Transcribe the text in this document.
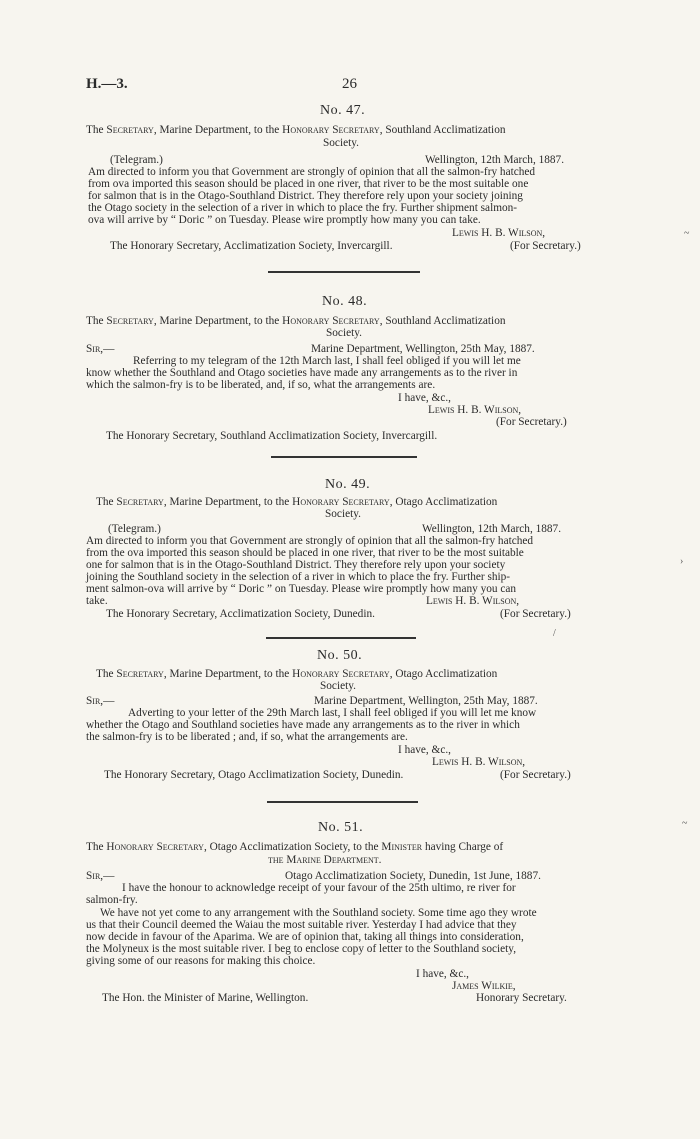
H.—3.	26
No. 47.
The Secretary, Marine Department, to the Honorary Secretary, Southland Acclimatization
Society.
(Telegram.)	Wellington, 12th March, 1887.
Am directed to inform you that Government are strongly of opinion that all the salmon-fry hatched
from ova imported this season should be placed in one river, that river to be the most suitable one
for salmon that is in the Otago-Southland District. They therefore rely upon your society joining
the Otago society in the selection of a river in which to place the fry. Further shipment salmon-
ova will arrive by “ Doric ” on Tuesday. Please wire promptly how many you can take.
Lewis H. B. Wilson,
The Honorary Secretary, Acclimatization Society, Invercargill.	(For Secretary.)
~
No. 48.
The Secretary, Marine Department, to the Honorary Secretary, Southland Acclimatization
Society.
Sir,—	Marine Department, Wellington, 25th May, 1887.
Referring to my telegram of the 12th March last, I shall feel obliged if you will let me
know whether the Southland and Otago societies have made any arrangements as to the river in
which the salmon-fry is to be liberated, and, if so, what the arrangements are.
I have, &c.,
Lewis H. B. Wilson,
(For Secretary.)
The Honorary Secretary, Southland Acclimatization Society, Invercargill.
No. 49.
The Secretary, Marine Department, to the Honorary Secretary, Otago Acclimatization
Society.
(Telegram.)	Wellington, 12th March, 1887.
Am directed to inform you that Government are strongly of opinion that all the salmon-fry hatched
from the ova imported this season should be placed in one river, that river to be the most suitable
one for salmon that is in the Otago-Southland District. They therefore rely upon your society
joining the Southland society in the selection of a river in which to place the fry. Further ship-
ment salmon-ova will arrive by “ Doric ” on Tuesday. Please wire promptly how many you can
take.	Lewis H. B. Wilson,
The Honorary Secretary, Acclimatization Society, Dunedin.	(For Secretary.)
›
/
No. 50.
The Secretary, Marine Department, to the Honorary Secretary, Otago Acclimatization
Society.
Sir,—	Marine Department, Wellington, 25th May, 1887.
Adverting to your letter of the 29th March last, I shall feel obliged if you will let me know
whether the Otago and Southland societies have made any arrangements as to the river in which
the salmon-fry is to be liberated ; and, if so, what the arrangements are.
I have, &c.,
Lewis H. B. Wilson,
The Honorary Secretary, Otago Acclimatization Society, Dunedin.	(For Secretary.)
No. 51.
The Honorary Secretary, Otago Acclimatization Society, to the Minister having Charge of
the Marine Department.
Sir,—	Otago Acclimatization Society, Dunedin, 1st June, 1887.
I have the honour to acknowledge receipt of your favour of the 25th ultimo, re river for
salmon-fry.
We have not yet come to any arrangement with the Southland society. Some time ago they wrote
us that their Council deemed the Waiau the most suitable river. Yesterday I had advice that they
now decide in favour of the Aparima. We are of opinion that, taking all things into consideration,
the Molyneux is the most suitable river. I beg to enclose copy of letter to the Southland society,
giving some of our reasons for making this choice.
I have, &c.,
James Wilkie,
The Hon. the Minister of Marine, Wellington.	Honorary Secretary.
~
